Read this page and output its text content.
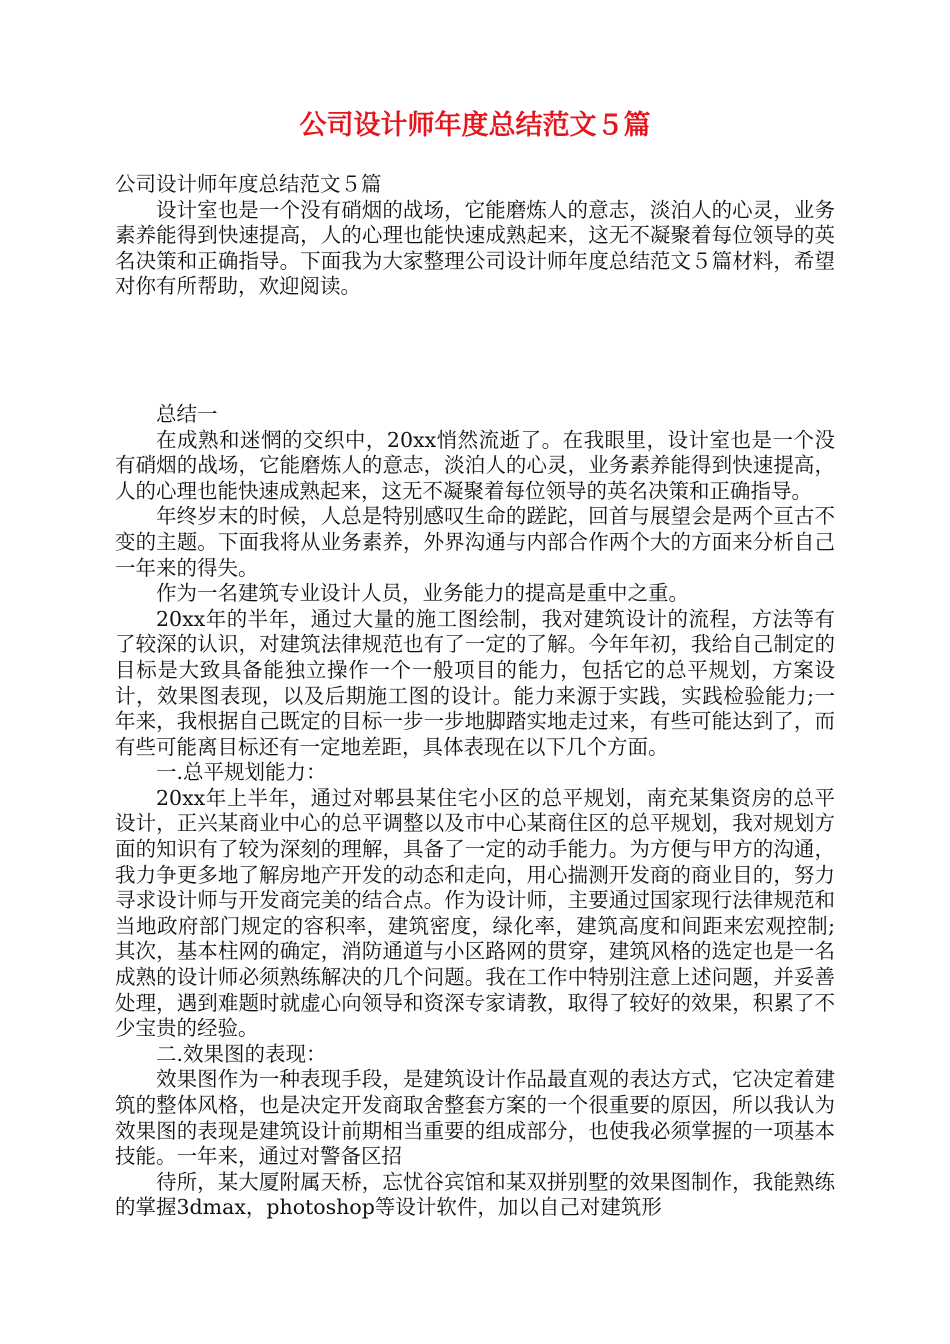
公司设计师年度总结范文５篇

公司设计师年度总结范文５篇

设计室也是一个没有硝烟的战场，它能磨炼人的意志，淡泊人的心灵，业务素养能得到快速提高，人的心理也能快速成熟起来，这无不凝聚着每位领导的英名决策和正确指导。下面我为大家整理公司设计师年度总结范文５篇材料，希望对你有所帮助，欢迎阅读。

总结一

在成熟和迷惘的交织中，20xx悄然流逝了。在我眼里，设计室也是一个没有硝烟的战场，它能磨炼人的意志，淡泊人的心灵，业务素养能得到快速提高，人的心理也能快速成熟起来，这无不凝聚着每位领导的英名决策和正确指导。

年终岁末的时候，人总是特别感叹生命的蹉跎，回首与展望会是两个亘古不变的主题。下面我将从业务素养，外界沟通与内部合作两个大的方面来分析自己一年来的得失。

作为一名建筑专业设计人员，业务能力的提高是重中之重。

20xx年的半年，通过大量的施工图绘制，我对建筑设计的流程，方法等有了较深的认识，对建筑法律规范也有了一定的了解。今年年初，我给自己制定的目标是大致具备能独立操作一个一般项目的能力，包括它的总平规划，方案设计，效果图表现，以及后期施工图的设计。能力来源于实践，实践检验能力;一年来，我根据自己既定的目标一步一步地脚踏实地走过来，有些可能达到了，而有些可能离目标还有一定地差距，具体表现在以下几个方面。

一.总平规划能力：

20xx年上半年，通过对郫县某住宅小区的总平规划，南充某集资房的总平设计，正兴某商业中心的总平调整以及市中心某商住区的总平规划，我对规划方面的知识有了较为深刻的理解，具备了一定的动手能力。为方便与甲方的沟通，我力争更多地了解房地产开发的动态和走向，用心揣测开发商的商业目的，努力寻求设计师与开发商完美的结合点。作为设计师，主要通过国家现行法律规范和当地政府部门规定的容积率，建筑密度，绿化率，建筑高度和间距来宏观控制;其次，基本柱网的确定，消防通道与小区路网的贯穿，建筑风格的选定也是一名成熟的设计师必须熟练解决的几个问题。我在工作中特别注意上述问题，并妥善处理，遇到难题时就虚心向领导和资深专家请教，取得了较好的效果，积累了不少宝贵的经验。

二.效果图的表现：

效果图作为一种表现手段，是建筑设计作品最直观的表达方式，它决定着建筑的整体风格，也是决定开发商取舍整套方案的一个很重要的原因，所以我认为效果图的表现是建筑设计前期相当重要的组成部分，也使我必须掌握的一项基本技能。一年来，通过对警备区招

待所，某大厦附属天桥，忘忧谷宾馆和某双拼别墅的效果图制作，我能熟练的掌握3dmax，photoshop等设计软件，加以自己对建筑形
